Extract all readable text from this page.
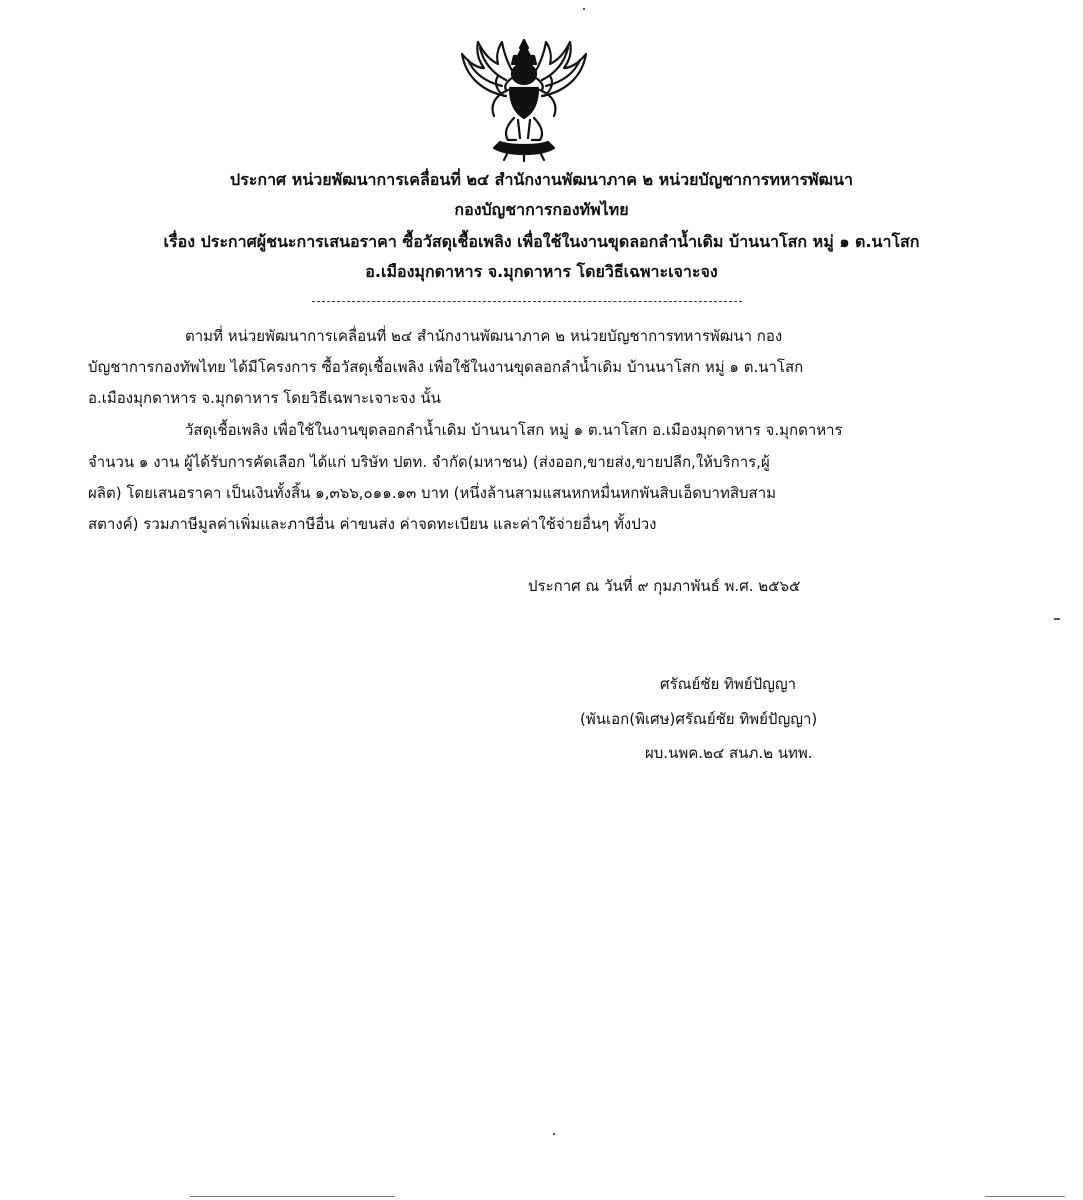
ประกาศ หน่วยพัฒนาการเคลื่อนที่ ๒๔ สำนักงานพัฒนาภาค ๒ หน่วยบัญชาการทหารพัฒนา
กองบัญชาการกองทัพไทย
เรื่อง ประกาศผู้ชนะการเสนอราคา ซื้อวัสดุเชื้อเพลิง เพื่อใช้ในงานขุดลอกลำน้ำเดิม บ้านนาโสก หมู่ ๑ ต.นาโสก
อ.เมืองมุกดาหาร จ.มุกดาหาร โดยวิธีเฉพาะเจาะจง
ตามที่ หน่วยพัฒนาการเคลื่อนที่ ๒๔ สำนักงานพัฒนาภาค ๒ หน่วยบัญชาการทหารพัฒนา กอง
บัญชาการกองทัพไทย ได้มีโครงการ ซื้อวัสดุเชื้อเพลิง เพื่อใช้ในงานขุดลอกลำน้ำเดิม บ้านนาโสก หมู่ ๑ ต.นาโสก
อ.เมืองมุกดาหาร จ.มุกดาหาร โดยวิธีเฉพาะเจาะจง นั้น
วัสดุเชื้อเพลิง เพื่อใช้ในงานขุดลอกลำน้ำเดิม บ้านนาโสก หมู่ ๑ ต.นาโสก อ.เมืองมุกดาหาร จ.มุกดาหาร
จำนวน ๑ งาน ผู้ได้รับการคัดเลือก ได้แก่ บริษัท ปตท. จำกัด(มหาชน) (ส่งออก,ขายส่ง,ขายปลีก,ให้บริการ,ผู้
ผลิต) โดยเสนอราคา เป็นเงินทั้งสิ้น ๑,๓๖๖,๐๑๑.๑๓ บาท (หนึ่งล้านสามแสนหกหมื่นหกพันสิบเอ็ดบาทสิบสาม
สตางค์) รวมภาษีมูลค่าเพิ่มและภาษีอื่น ค่าขนส่ง ค่าจดทะเบียน และค่าใช้จ่ายอื่นๆ ทั้งปวง
ประกาศ ณ วันที่ ๙ กุมภาพันธ์ พ.ศ. ๒๕๖๕
ศรัณย์ชัย ทิพย์ปัญญา
(พันเอก(พิเศษ)ศรัณย์ชัย ทิพย์ปัญญา)
ผบ.นพค.๒๔ สนภ.๒ นทพ.
